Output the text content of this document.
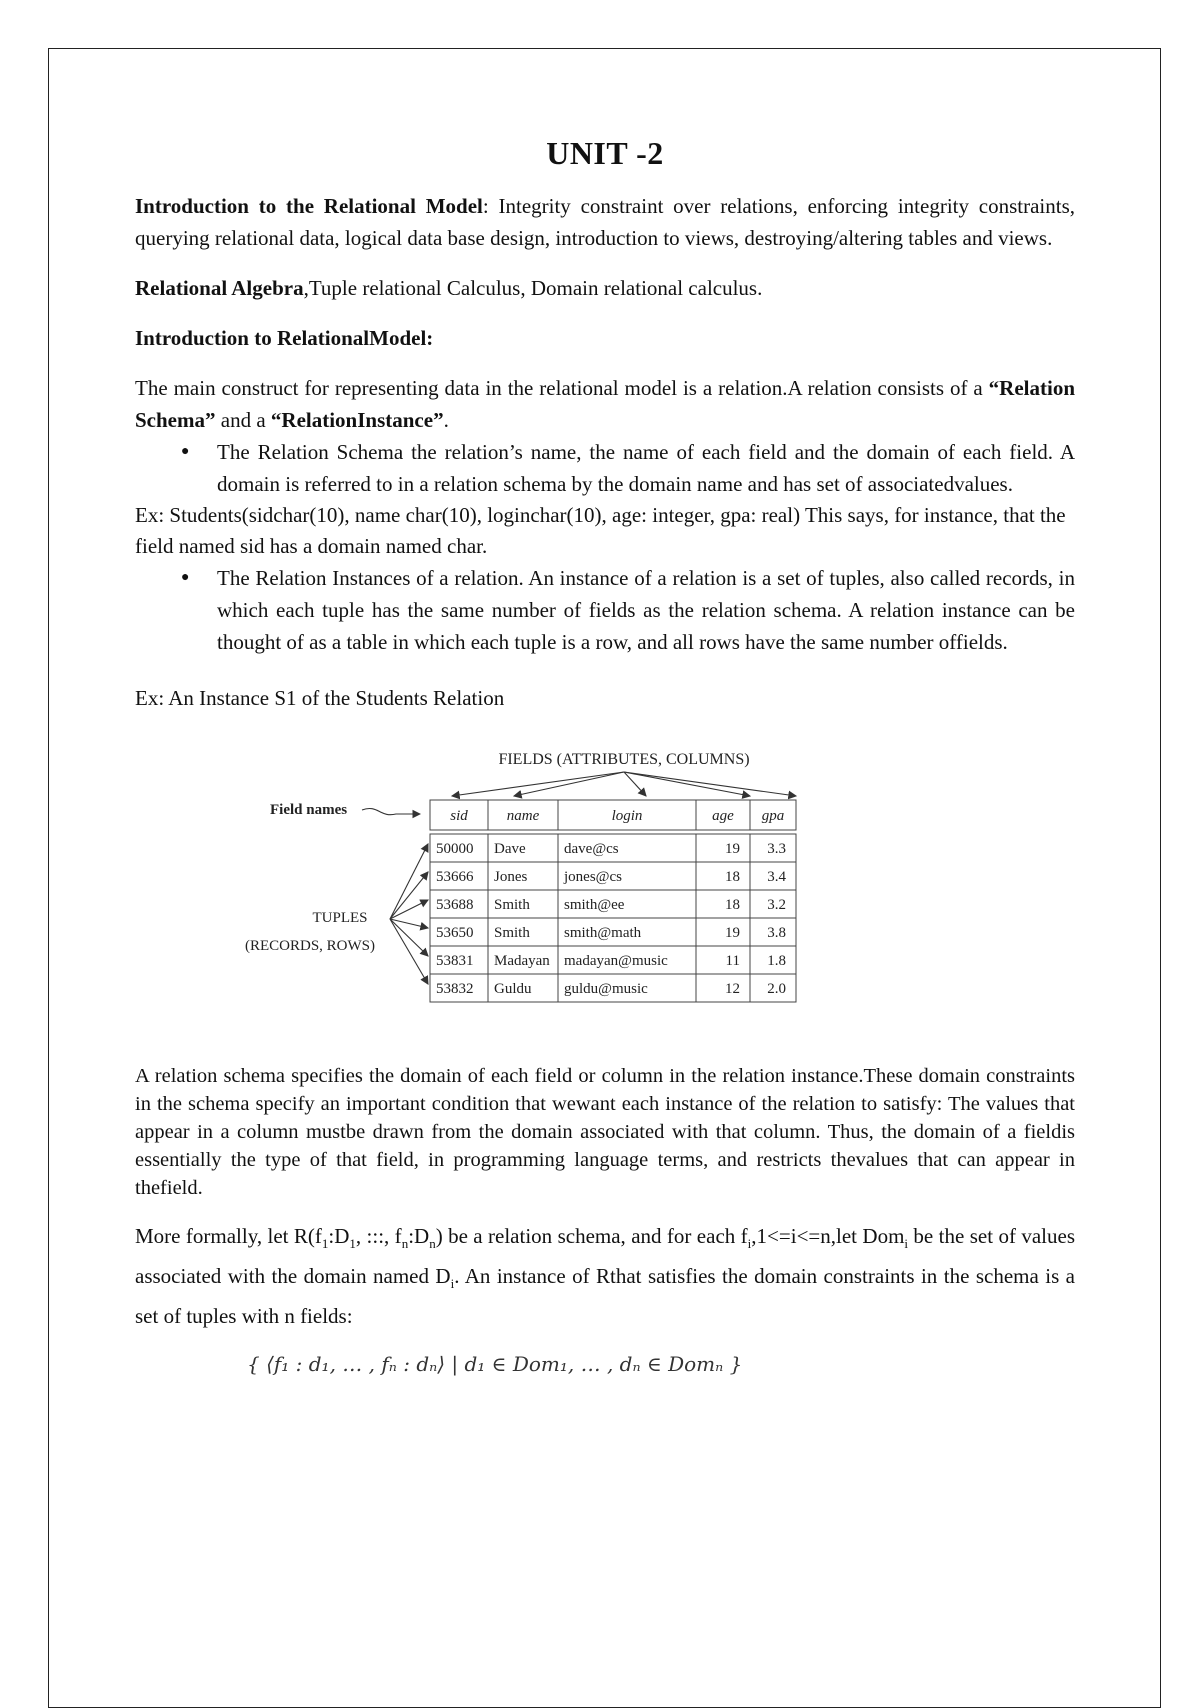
UNIT -2

Introduction to the Relational Model: Integrity constraint over relations, enforcing integrity constraints, querying relational data, logical data base design, introduction to views, destroying/altering tables and views.

Relational Algebra,Tuple relational Calculus, Domain relational calculus.

Introduction to RelationalModel:

The main construct for representing data in the relational model is a relation.A relation consists of a “Relation Schema” and a “RelationInstance”.

● The Relation Schema the relation’s name, the name of each field and the domain of each field. A domain is referred to in a relation schema by the domain name and has set of associatedvalues.

Ex: Students(sidchar(10), name char(10), loginchar(10), age: integer, gpa: real) This says, for instance, that the field named sid has a domain named char.

● The Relation Instances of a relation. An instance of a relation is a set of tuples, also called records, in which each tuple has the same number of fields as the relation schema. A relation instance can be thought of as a table in which each tuple is a row, and all rows have the same number offields.

Ex: An Instance S1 of the Students Relation

FIELDS (ATTRIBUTES, COLUMNS)
Field names
TUPLES
(RECORDS, ROWS)
sid	name	login	age gpa
50000 Dave	dave@cs	19 3.3
53666 Jones jones@cs	18 3.4
53688 Smith smith@ee	18 3.2
53650 Smith smith@math	19 3.8
53831 Madayan madayan@music	11 1.8
53832 Guldu guldu@music	12 2.0

A relation schema specifies the domain of each field or column in the relation instance.These domain constraints in the schema specify an important condition that wewant each instance of the relation to satisfy: The values that appear in a column mustbe drawn from the domain associated with that column. Thus, the domain of a fieldis essentially the type of that field, in programming language terms, and restricts thevalues that can appear in thefield.

More formally, let $R(f_1:D_1$, :::, $f_n:D_n$) be a relation schema, and for each $f_i,1<=i<=n,let$ Dom$_i$ be the set of values associated with the domain named $D_i$. An instance of Rthat satisfies the domain constraints in the schema is a set of tuples with n fields:

{ ⟨f₁ : d₁, … , fₙ : dₙ⟩ | d₁ ∈ Dom₁, … , dₙ ∈ Domₙ }
